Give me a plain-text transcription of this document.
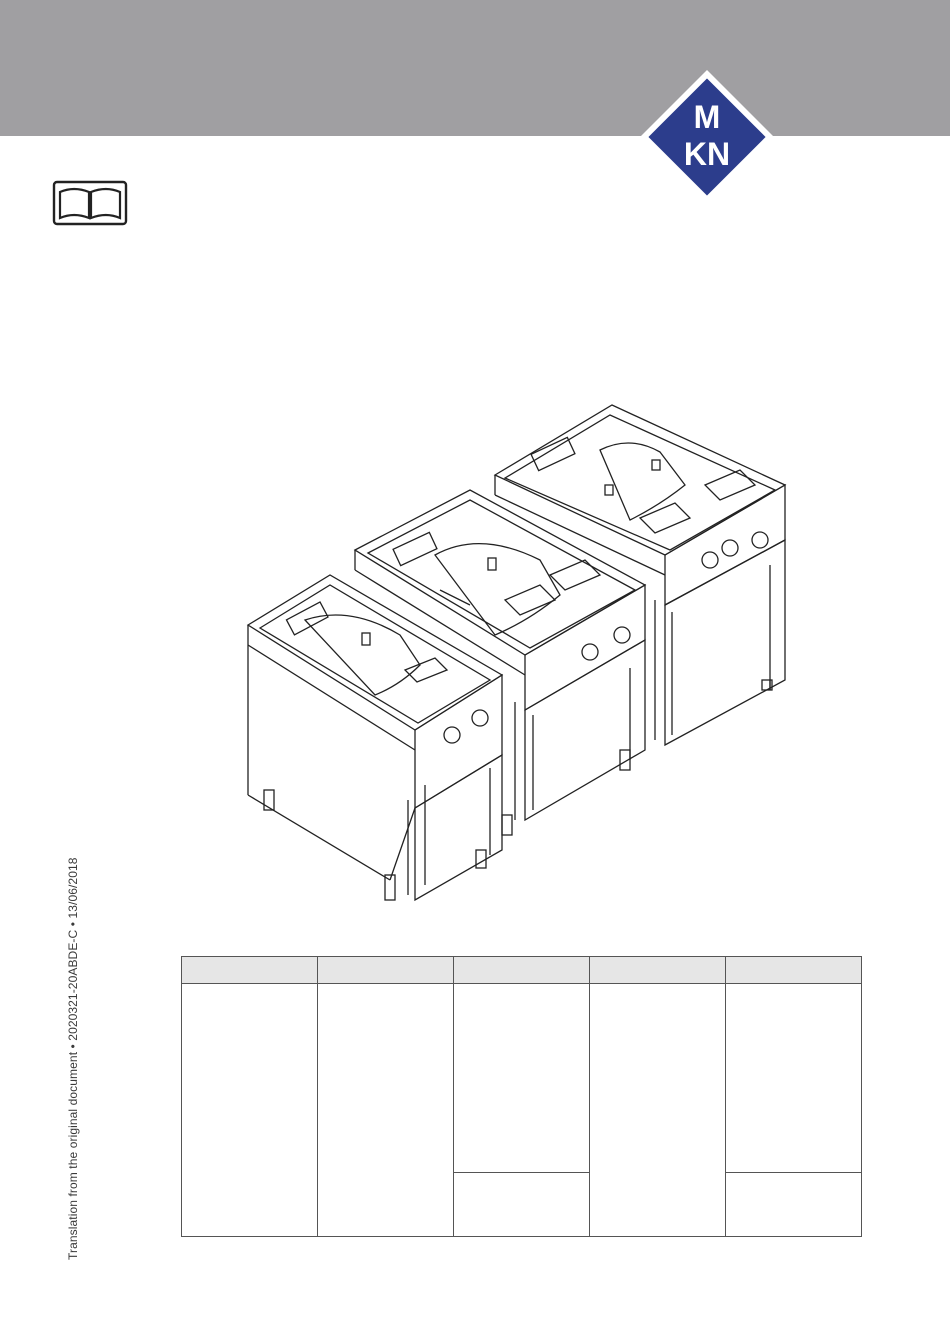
M
KN
Translation from the original document • 2020321-20ABDE-C • 13/06/2018
